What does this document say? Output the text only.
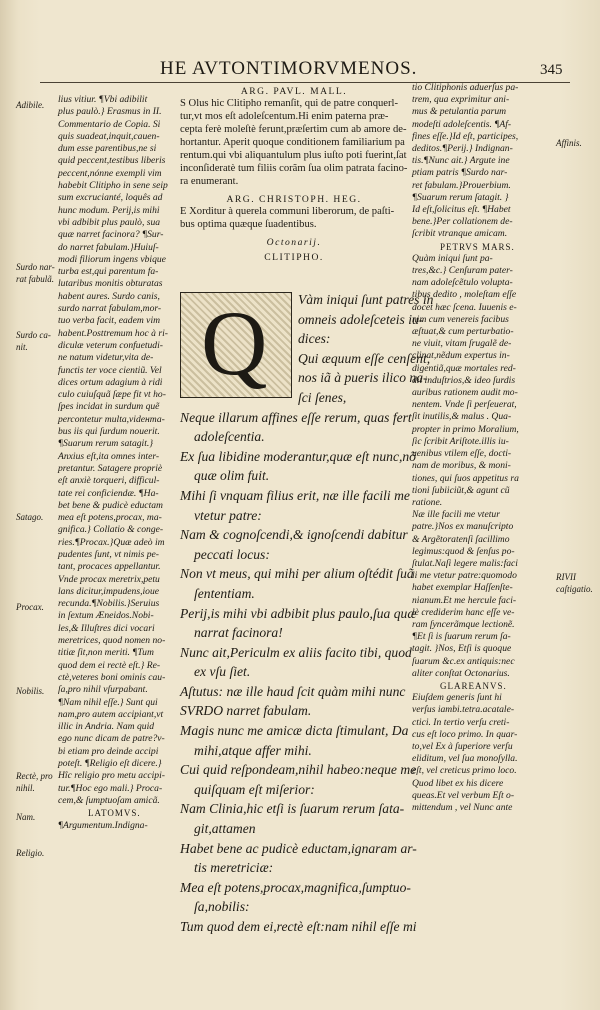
HE AVTONTIMORVMENOS.	345
Adibile.
Surdo nar-
rat fabulã.
Surdo ca-
nit.
Satago.
Procax.
Nobilis.
Rectè, pro
nihil.
Nam.
Religio.
lius vitiur. ¶Vbi adibilit
plus paulò.} Erasmus in II.
Commentario de Copia. Si
quis suadeat,inquit,cauen-
dum esse parentibus,ne si
quid peccent,testibus liberis
peccent,nónne exempli vim
habebit Clitipho in sene seip
sum excrucianté, loquês ad
hunc modum. Perij,is mihi
vbi adbibit plus paulò, sua
quæ narret facinora? ¶Sur-
do narret fabulam.}Huiuſ-
modi filiorum ingens vbique
turba est,qui parentum fa-
lutaribus monitis obturatas
habent aures. Surdo canis,
surdo narrat fabulam,mor-
tuo verba facit, eadem vim
habent.Posttremum hoc à ri-
diculæ veterum confuetudi-
ne natum videtur,vita de-
functis ter voce cientiũ. Vel
dices ortum adagium à ridi
culo cuiuſquã ſæpe fit vt ho-
ſpes incidat in surdum quẽ
percontetur multa,vidента-
bus iis qui ſurdum nouerit.
¶Suarum rerum satagit.}
Anxius eſt,ita omnes inter-
pretantur. Satagere propriè
eſt anxiè torqueri, difficul-
tate rei conficiendæ. ¶Ha-
bet bene & pudicè eductam
mea eſt potens,procax, ma-
gnifica.} Collatio & conge-
ries.¶Procax.}Quæ adeò im
pudentes ſunt, vt nimis pe-
tant, procaces appellantur.
Vnde procax meretrix,petu
lans dicitur,impudens,ioue
recunda.¶Nobilis.}Seruius
in ſextum Æneidos.Nobi-
les,& Illuſtres dici vocari
meretrices, quod nomen no-
titiæ ſit,non meriti. ¶Tum
quod dem ei rectè eſt.} Re-
ctè,veteres boni ominis cau-
ſa,pro nihil vſurpabant.
¶Nam nihil eſſe.} Sunt qui
nam,pro autem accipiant,vt
illic in Andria. Nam quid
ego nunc dicam de patre?v-
bi etiam pro deinde accipi
poteſt. ¶Religio eſt dicere.}
Hîc religio pro metu accipi-
tur.¶Hoc ego mali.} Proca-
cem,& ſumptuoſam amicã.
LATOMVS.
¶Argumentum.Indigna-
ARG. PAVL. MALL.
S Olus hic Clitipho remanſit, qui de patre conquerl-
tur,vt mos eſt adoleſcentum.Hi enim paterna præ-
cepta ferè moleſtè ferunt,præſertim cum ab amore de-
hortantur. Aperit quoque conditionem familiarium pa
rentum.qui vbi aliquantulum plus iuſto poti fuerint,ſat
inconſideratè tum filiis corãm ſua olim patrata facino-
ra enumerant.
ARG. CHRISTOPH. HEG.
E Xorditur à querela communi liberorum, de paſti-
bus optima quæque ſuadentibus.
Octonarij.
CLITIPHO.
Q	Vàm iniqui ſunt patres in
omneis adoleſceteis iu-
dices:
Qui æquum eſſe cenſent,
nos iã à pueris ilico na-
ſci ſenes,
Neque illarum affines eſſe rerum, quas fert
adoleſcentia.
Ex ſua libidine moderantur,quæ eſt nunc,nõ
quæ olim fuit.
Mihi ſi vnquam filius erit, næ ille facili me
vtetur patre:
Nam & cognoſcendi,& ignoſcendi dabitur
peccati locus:
Non vt meus, qui mihi per alium oſtédit ſuã
ſententiam.
Perij,is mihi vbi adbibit plus paulo,ſua quæ
narrat facinora!
Nunc ait,Periculm ex aliis facito tibi, quod
ex vſu ſiet.
Aſtutus: næ ille haud ſcit quàm mihi nunc
SVRDO narret fabulam.
Magis nunc me amicæ dicta ſtimulant, Da
mihi,atque affer mihi.
Cui quid reſpondeam,nihil habeo:neque me
quiſquam eſt miſerior:
Nam Clinia,hic etſi is ſuarum rerum ſata-
git,attamen
Habet bene ac pudicè eductam,ignaram ar-
tis meretriciæ:
Mea eſt potens,procax,magnifica,ſumptuo-
ſa,nobilis:
Tum quod dem ei,rectè eſt:nam nihil eſſe mi
Affinis.
RIVII
caſtigatio.
tio Clitiphonis aduerſus pa-
trem, qua exprimitur ani-
mus & petulantia parum
modeſti adoleſcentis. ¶Af-
fines eſſe.}Id eſt, participes,
deditos.¶Perij.} Indignan-
tis.¶Nunc ait.} Argute ine
ptiam patris ¶Surdo nar-
ret fabulam.}Prouerbium.
¶Suarum rerum ſatagit. }
Id eſt,ſolicitus eſt. ¶Habet
bene.}Per collationem de-
ſcribit vtranque amicam.
PETRVS MARS.
Quàm iniqui ſunt pa-
tres,&c.} Cenſuram pater-
nam adoleſcẽtulo volupta-
tibus dedito , moleſtam eſſe
docet hæc ſcena. Iuuenis e-
nim cum venereis facibus
æſtuat,& cum perturbatio-
ne viuit, vitam ſrugalẽ de-
clinat,nẽdum expertus in-
digentiã,quæ mortales red-
dit induſtrios,& ideo ſurdis
auribus rationem audit mo-
nentem. Vnde ſi perſeuerat,
ſit inutilis,& malus . Qua-
propter in primo Moralium,
ſic ſcribit Ariſtote.illis iu-
uenibus vtilem eſſe, docti-
nam de moribus, & moni-
tiones, qui ſuos appetitus ra
tioni ſubiiciũt,& agunt cũ
ratione.
Næ ille facili me vtetur
patre.}Nos ex manuſcripto
& Argẽtoratenſi ſacillimo
legimus:quod & ſenſus po-
ſtulat.Naſi legere malis:faci
li me vtetur patre:quomodo
habet exemplar Haſſenſte-
nianum.Et me hercule faci-
lè crediderim hanc eſſe ve-
ram ſyncerãmque lectionẽ.
¶Et ſi is ſuarum rerum ſa-
tagit. }Nos, Etſi is quoque
ſuarum &c.ex antiquis:nec
aliter conſtat Octonarius.
GLAREANVS.
Eiuſdem generis ſunt hi
verſus iambi.tetra.acatale-
ctici. In tertio verſu creti-
cus eſt loco primo. In quar-
to,vel Ex à ſuperiore verſu
elidituт, vel ſua monoſylla.
eſt, vel creticus primo loco.
Quod libet ex his dicere
queas.Et vel verbum Eſt o-
mittendum , vel Nunc ante
